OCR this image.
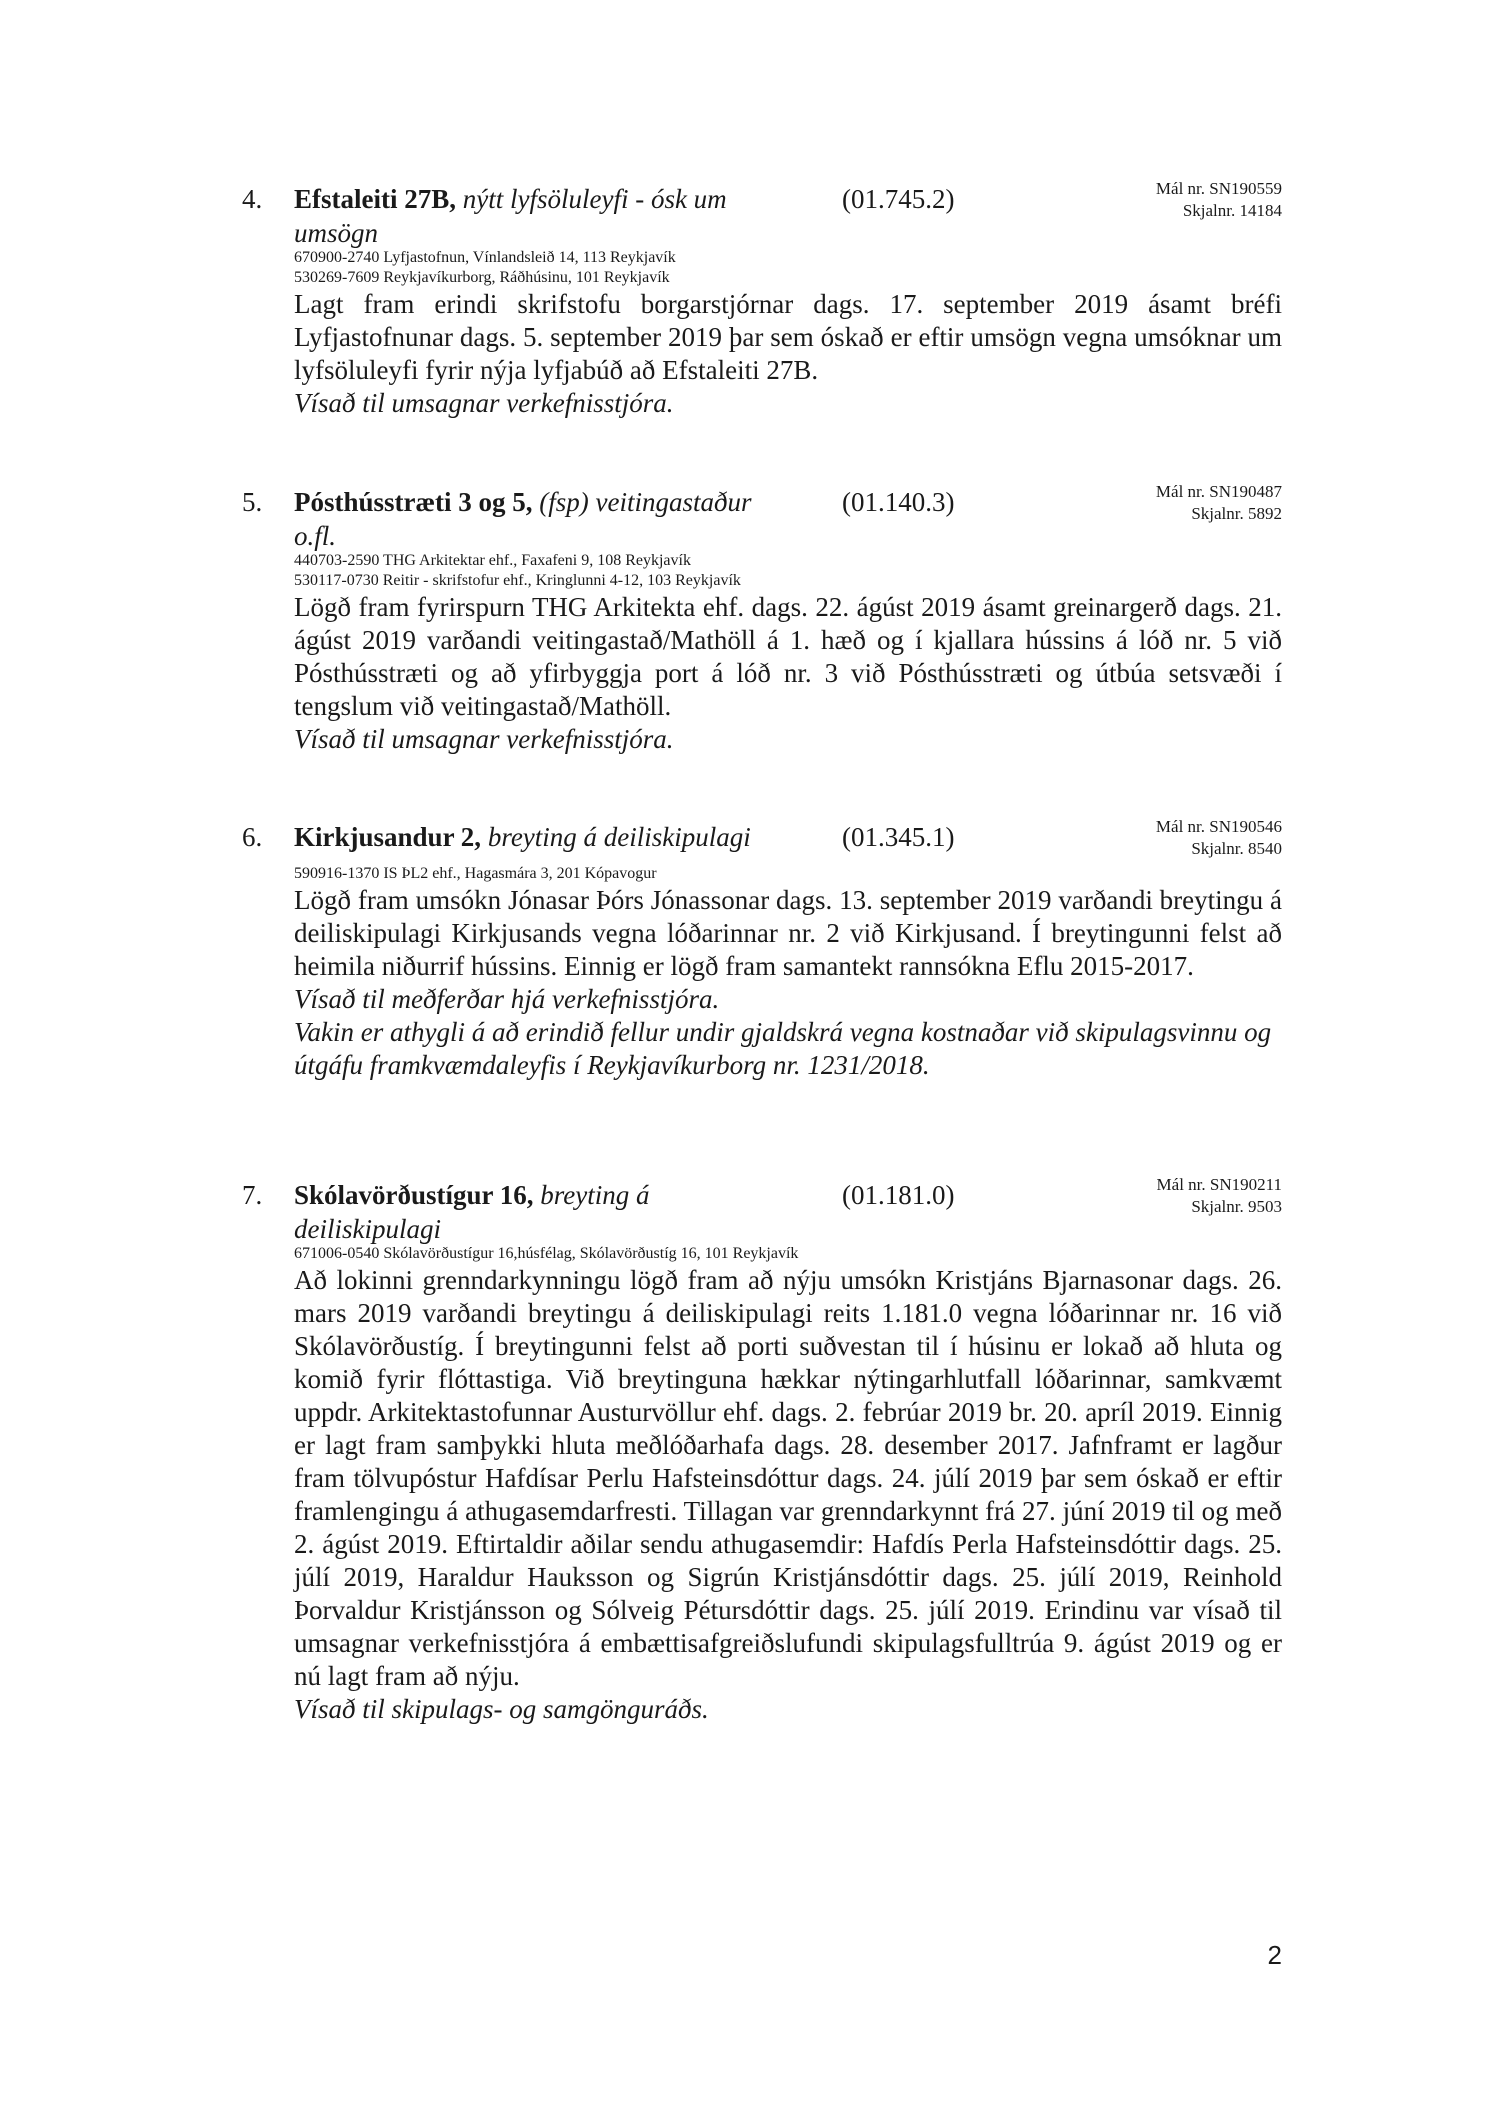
4. Efstaleiti 27B, nýtt lyfsöluleyfi - ósk um umsögn
(01.745.2)	Mál nr. SN190559
Skjalnr. 14184
670900-2740 Lyfjastofnun, Vínlandsleið 14, 113 Reykjavík
530269-7609 Reykjavíkurborg, Ráðhúsinu, 101 Reykjavík
Lagt fram erindi skrifstofu borgarstjórnar dags. 17. september 2019 ásamt bréfi Lyfjastofnunar dags. 5. september 2019 þar sem óskað er eftir umsögn vegna umsóknar um lyfsöluleyfi fyrir nýja lyfjabúð að Efstaleiti 27B.
Vísað til umsagnar verkefnisstjóra.
5. Pósthússtræti 3 og 5, (fsp) veitingastaður o.fl.
(01.140.3)	Mál nr. SN190487
Skjalnr. 5892
440703-2590 THG Arkitektar ehf., Faxafeni 9, 108 Reykjavík
530117-0730 Reitir - skrifstofur ehf., Kringlunni 4-12, 103 Reykjavík
Lögð fram fyrirspurn THG Arkitekta ehf. dags. 22. ágúst 2019 ásamt greinargerð dags. 21. ágúst 2019 varðandi veitingastað/Mathöll á 1. hæð og í kjallara hússins á lóð nr. 5 við Pósthússtræti og að yfirbyggja port á lóð nr. 3 við Pósthússtræti og útbúa setsvæði í tengslum við veitingastað/Mathöll.
Vísað til umsagnar verkefnisstjóra.
6. Kirkjusandur 2, breyting á deiliskipulagi	(01.345.1)	Mál nr. SN190546
Skjalnr. 8540
590916-1370 IS ÞL2 ehf., Hagasmára 3, 201 Kópavogur
Lögð fram umsókn Jónasar Þórs Jónassonar dags. 13. september 2019 varðandi breytingu á deiliskipulagi Kirkjusands vegna lóðarinnar nr. 2 við Kirkjusand. Í breytingunni felst að heimila niðurrif hússins. Einnig er lögð fram samantekt rannsókna Eflu 2015-2017.
Vísað til meðferðar hjá verkefnisstjóra.
Vakin er athygli á að erindið fellur undir gjaldskrá vegna kostnaðar við skipulagsvinnu og útgáfu framkvæmdaleyfis í Reykjavíkurborg nr. 1231/2018.
7. Skólavörðustígur 16, breyting á deiliskipulagi
(01.181.0)	Mál nr. SN190211
Skjalnr. 9503
671006-0540 Skólavörðustígur 16,húsfélag, Skólavörðustíg 16, 101 Reykjavík
Að lokinni grenndarkynningu lögð fram að nýju umsókn Kristjáns Bjarnasonar dags. 26. mars 2019 varðandi breytingu á deiliskipulagi reits 1.181.0 vegna lóðarinnar nr. 16 við Skólavörðustíg. Í breytingunni felst að porti suðvestan til í húsinu er lokað að hluta og komið fyrir flóttastiga. Við breytinguna hækkar nýtingarhlutfall lóðarinnar, samkvæmt uppdr. Arkitektastofunnar Austurvöllur ehf. dags. 2. febrúar 2019 br. 20. apríl 2019. Einnig er lagt fram samþykki hluta meðlóðarhafa dags. 28. desember 2017. Jafnframt er lagður fram tölvupóstur Hafdísar Perlu Hafsteinsdóttur dags. 24. júlí 2019 þar sem óskað er eftir framlengingu á athugasemdarfresti. Tillagan var grenndarkynnt frá 27. júní 2019 til og með 2. ágúst 2019. Eftirtaldir aðilar sendu athugasemdir: Hafdís Perla Hafsteinsdóttir dags. 25. júlí 2019, Haraldur Hauksson og Sigrún Kristjánsdóttir dags. 25. júlí 2019, Reinhold Þorvaldur Kristjánsson og Sólveig Pétursdóttir dags. 25. júlí 2019. Erindinu var vísað til umsagnar verkefnisstjóra á embættisafgreiðslufundi skipulagsfulltrúa 9. ágúst 2019 og er nú lagt fram að nýju.
Vísað til skipulags- og samgönguráðs.
2
